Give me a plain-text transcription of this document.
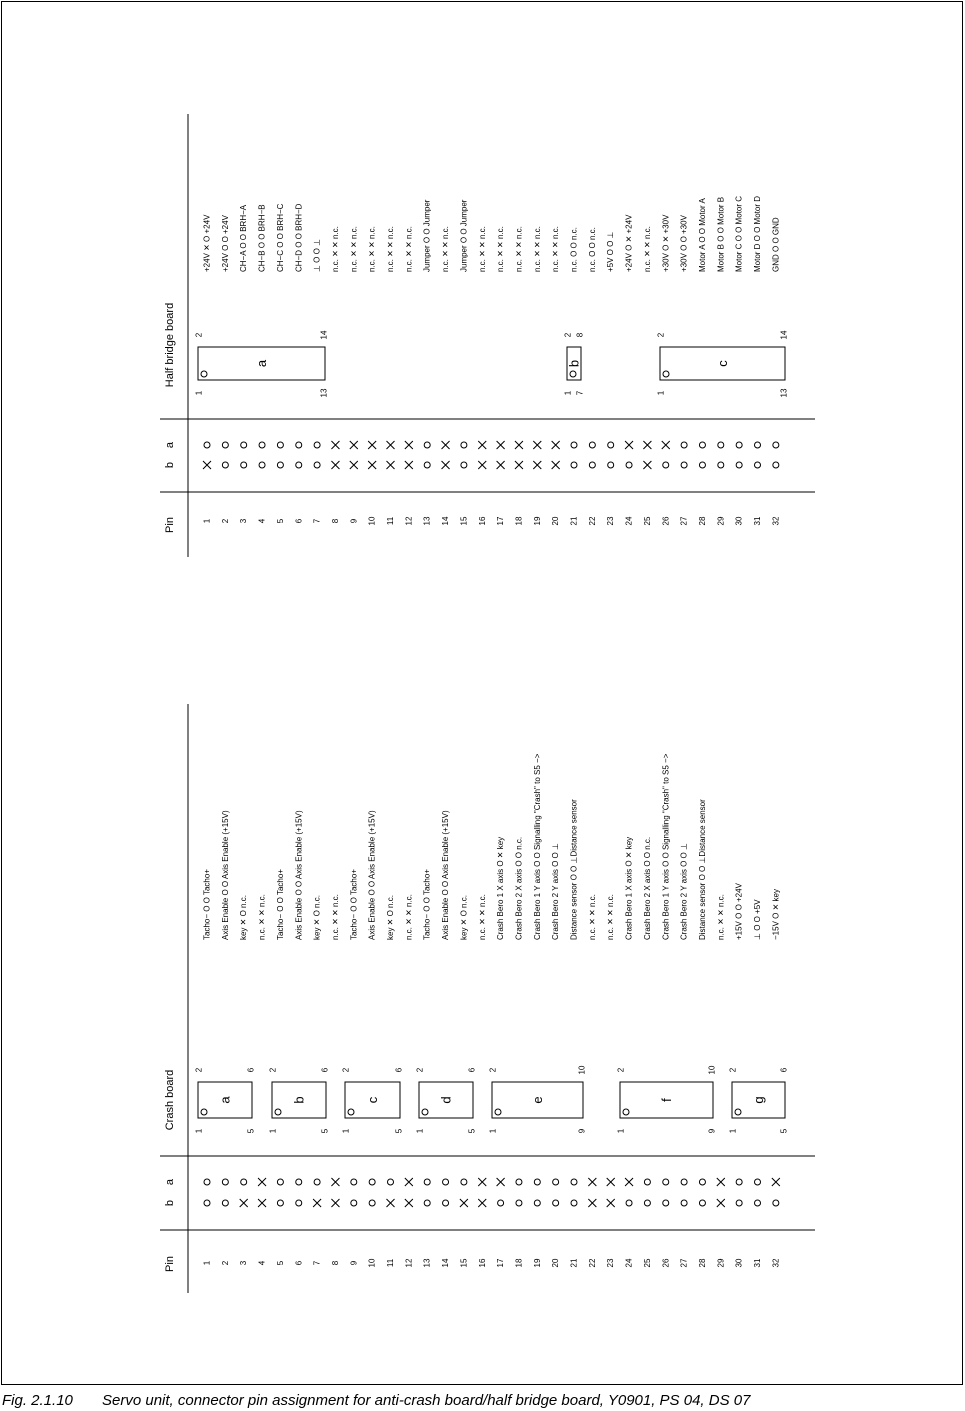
Pin
b
a
Half bridge board
1
+24V ✕ O +24V
2
+24V O O +24V
3
CH−A O O BRH−A
4
CH−B O O BRH−B
5
CH−C O O BRH−C
6
CH−D O O BRH−D
7
⊥ O O ⊥
8
n.c. ✕ ✕ n.c.
9
n.c. ✕ ✕ n.c.
10
n.c. ✕ ✕ n.c.
11
n.c. ✕ ✕ n.c.
12
n.c. ✕ ✕ n.c.
13
Jumper O O Jumper
14
n.c. ✕ ✕ n.c.
15
Jumper O O Jumper
16
n.c. ✕ ✕ n.c.
17
n.c. ✕ ✕ n.c.
18
n.c. ✕ ✕ n.c.
19
n.c. ✕ ✕ n.c.
20
n.c. ✕ ✕ n.c.
21
n.c. O O n.c.
22
n.c. O O n.c.
23
+5V O O ⊥
24
+24V O ✕ +24V
25
n.c. ✕ ✕ n.c.
26
+30V O ✕ +30V
27
+30V O O +30V
28
Motor A O O Motor A
29
Motor B O O Motor B
30
Motor C O O Motor C
31
Motor D O O Motor D
32
GND O O GND
a
1	13
2	14
b
1 7
2 8
c
1	13
2	14
Pin
b
a
Crash board
1
Tacho− O O Tacho+
2
Axis Enable O O Axis Enable (+15V)
3
key ✕ O n.c.
4
n.c. ✕ ✕ n.c.
5
Tacho− O O Tacho+
6
Axis Enable O O Axis Enable (+15V)
7
key ✕ O n.c.
8
n.c. ✕ ✕ n.c.
9
Tacho− O O Tacho+
10
Axis Enable O O Axis Enable (+15V)
11
key ✕ O n.c.
12
n.c. ✕ ✕ n.c.
13
Tacho− O O Tacho+
14
Axis Enable O O Axis Enable (+15V)
15
key ✕ O n.c.
16
n.c. ✕ ✕ n.c.
17
Crash Bero 1 X axis O ✕ key
18
Crash Bero 2 X axis O O n.c.
19
Crash Bero 1 Y axis O O Signalling "Crash" to S5 −>
20
Crash Bero 2 Y axis O O ⊥
21
Distance sensor O O ⊥Distance sensor
22
n.c. ✕ ✕ n.c.
23
n.c. ✕ ✕ n.c.
24
Crash Bero 1 X axis O ✕ key
25
Crash Bero 2 X axis O O n.c.
26
Crash Bero 1 Y axis O O Signalling "Crash" to S5 −>
27
Crash Bero 2 Y axis O O ⊥
28
Distance sensor O O ⊥Distance sensor
29
n.c. ✕ ✕ n.c.
30
+15V O O +24V
31
⊥ O O +5V
32
−15V O ✕ key
a
1	5
2	6
b
1	5
2	6
c
1	5
2	6
d
1	5
2	6
e
1	9
2	10
f
1	9
2	10
g
1	5
2	6
Fig. 2.1.10 Servo unit, connector pin assignment for anti-crash board/half bridge board, Y0901, PS 04, DS 07
